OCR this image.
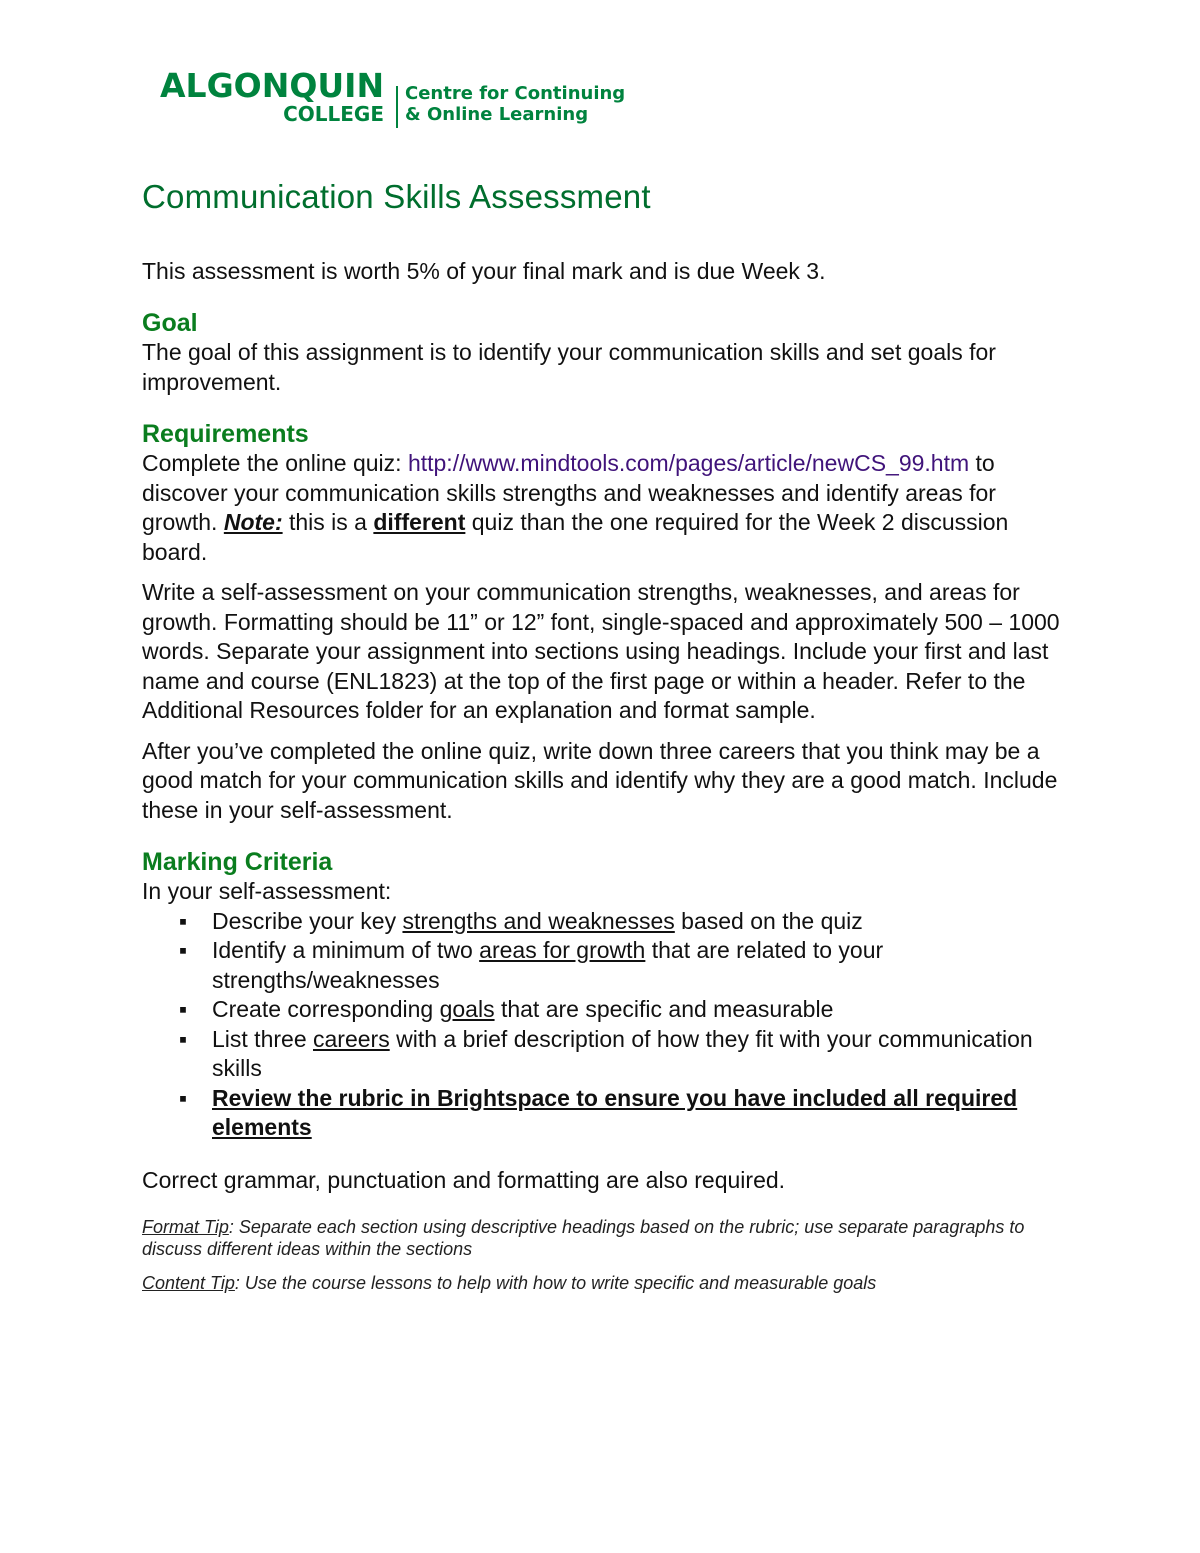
ALGONQUIN
COLLEGE
Centre for Continuing
& Online Learning
Communication Skills Assessment

This assessment is worth 5% of your final mark and is due Week 3.

Goal

The goal of this assignment is to identify your communication skills and set goals for improvement.

Requirements

Complete the online quiz: http://www.mindtools.com/pages/article/newCS_99.htm to discover your communication skills strengths and weaknesses and identify areas for growth. Note: this is a different quiz than the one required for the Week 2 discussion board.

Write a self-assessment on your communication strengths, weaknesses, and areas for growth. Formatting should be 11” or 12” font, single-spaced and approximately 500 – 1000 words. Separate your assignment into sections using headings. Include your first and last name and course (ENL1823) at the top of the first page or within a header. Refer to the Additional Resources folder for an explanation and format sample.

After you’ve completed the online quiz, write down three careers that you think may be a good match for your communication skills and identify why they are a good match. Include these in your self-assessment.

Marking Criteria

In your self-assessment:

▪ Describe your key strengths and weaknesses based on the quiz
▪ Identify a minimum of two areas for growth that are related to your strengths/weaknesses
▪ Create corresponding goals that are specific and measurable
▪ List three careers with a brief description of how they fit with your communication skills
▪ Review the rubric in Brightspace to ensure you have included all required elements

Correct grammar, punctuation and formatting are also required.

Format Tip: Separate each section using descriptive headings based on the rubric; use separate paragraphs to discuss different ideas within the sections

Content Tip: Use the course lessons to help with how to write specific and measurable goals
